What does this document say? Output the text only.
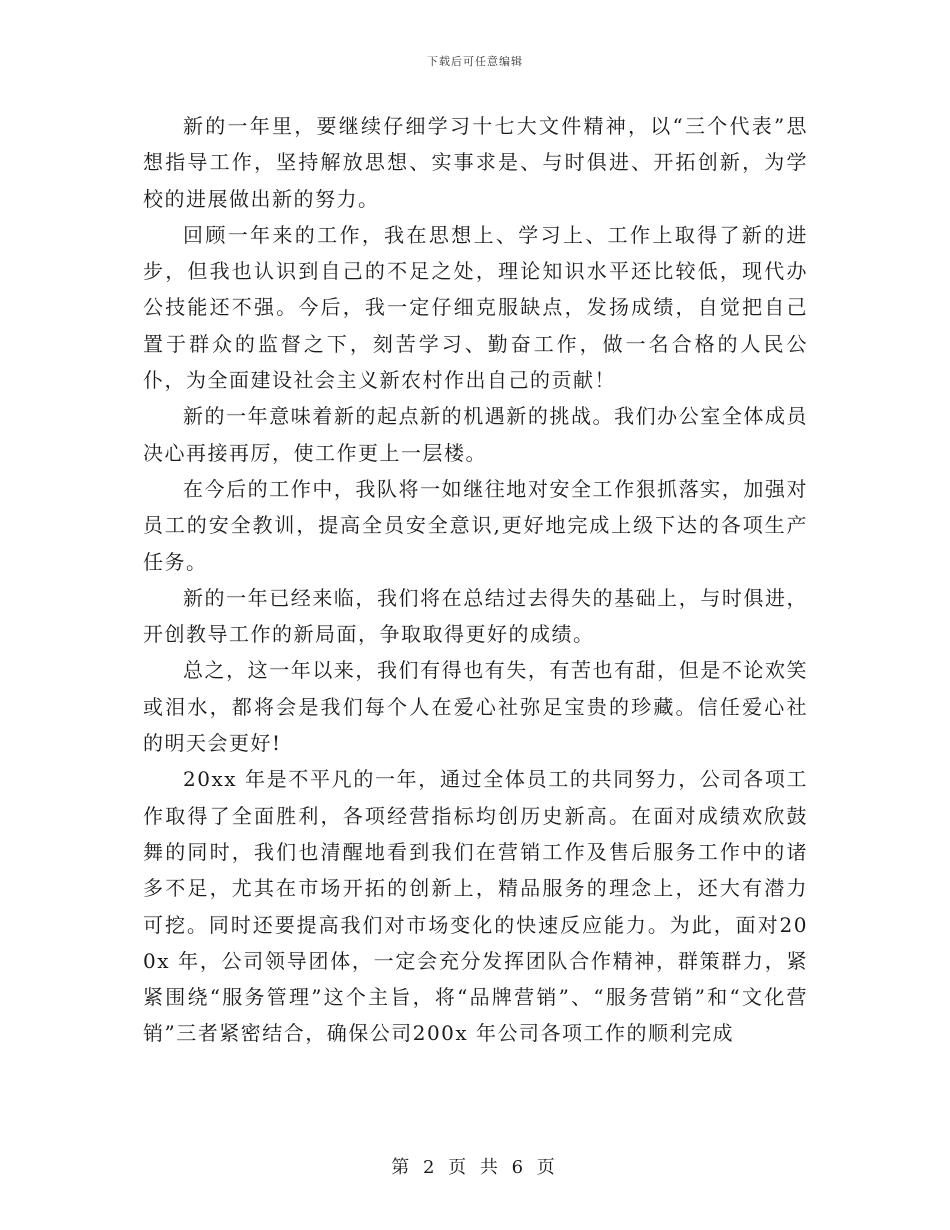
下载后可任意编辑

新的一年里，要继续仔细学习十七大文件精神，以“三个代表”思想指导工作，坚持解放思想、实事求是、与时俱进、开拓创新，为学校的进展做出新的努力。

回顾一年来的工作，我在思想上、学习上、工作上取得了新的进步，但我也认识到自己的不足之处，理论知识水平还比较低，现代办公技能还不强。今后，我一定仔细克服缺点，发扬成绩，自觉把自己置于群众的监督之下，刻苦学习、勤奋工作，做一名合格的人民公仆，为全面建设社会主义新农村作出自己的贡献！

新的一年意味着新的起点新的机遇新的挑战。我们办公室全体成员决心再接再厉，使工作更上一层楼。

在今后的工作中，我队将一如继往地对安全工作狠抓落实，加强对员工的安全教训，提高全员安全意识,更好地完成上级下达的各项生产任务。

新的一年已经来临，我们将在总结过去得失的基础上，与时俱进，开创教导工作的新局面，争取取得更好的成绩。

总之，这一年以来，我们有得也有失，有苦也有甜，但是不论欢笑或泪水，都将会是我们每个人在爱心社弥足宝贵的珍藏。信任爱心社的明天会更好!

20xx 年是不平凡的一年，通过全体员工的共同努力，公司各项工作取得了全面胜利，各项经营指标均创历史新高。在面对成绩欢欣鼓舞的同时，我们也清醒地看到我们在营销工作及售后服务工作中的诸多不足，尤其在市场开拓的创新上，精品服务的理念上，还大有潜力可挖。同时还要提高我们对市场变化的快速反应能力。为此，面对200x 年，公司领导团体，一定会充分发挥团队合作精神，群策群力，紧紧围绕“服务管理”这个主旨，将“品牌营销”、“服务营销”和“文化营销”三者紧密结合，确保公司200x 年公司各项工作的顺利完成

第 2 页 共 6 页
